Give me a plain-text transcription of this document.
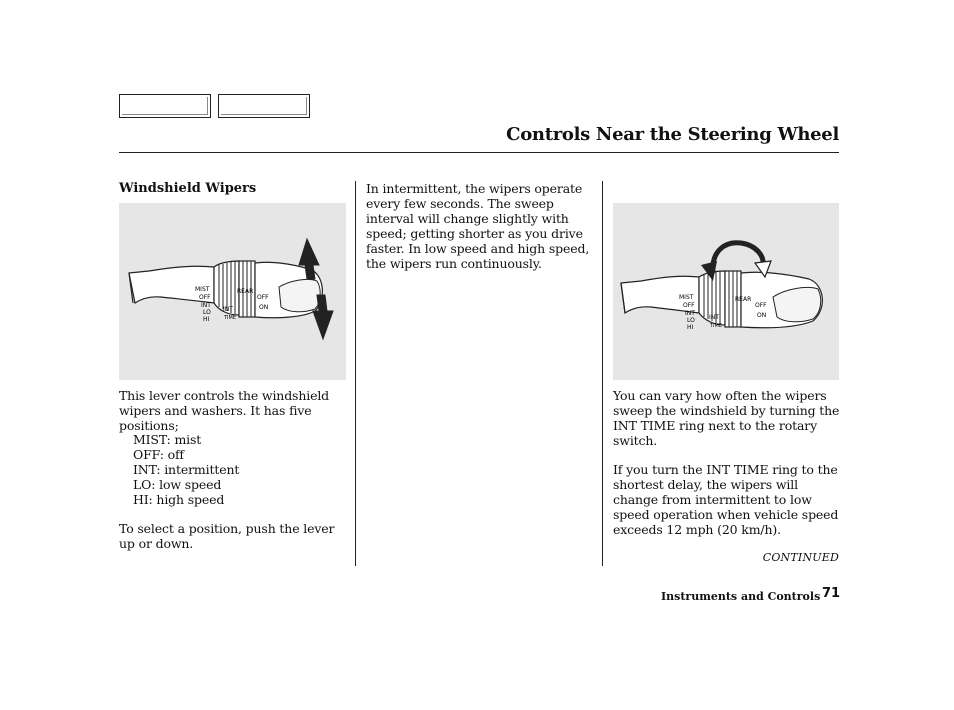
Controls Near the Steering Wheel
Windshield Wipers
MIST
OFF
INT
LO
HI
INT
TIME
REAR
OFF
ON
This lever controls the windshield wipers and washers. It has five positions;
MIST: mist
OFF: off
INT: intermittent
LO: low speed
HI: high speed
To select a position, push the lever up or down.
In intermittent, the wipers operate every few seconds. The sweep interval will change slightly with speed; getting shorter as you drive faster. In low speed and high speed, the wipers run continuously.
MIST
OFF
INT
LO
HI
INT
TIME
REAR
OFF
ON
You can vary how often the wipers sweep the windshield by turning the INT TIME ring next to the rotary switch.
If you turn the INT TIME ring to the shortest delay, the wipers will change from intermittent to low speed operation when vehicle speed exceeds 12 mph (20 km/h).
CONTINUED
Instruments and Controls 71
